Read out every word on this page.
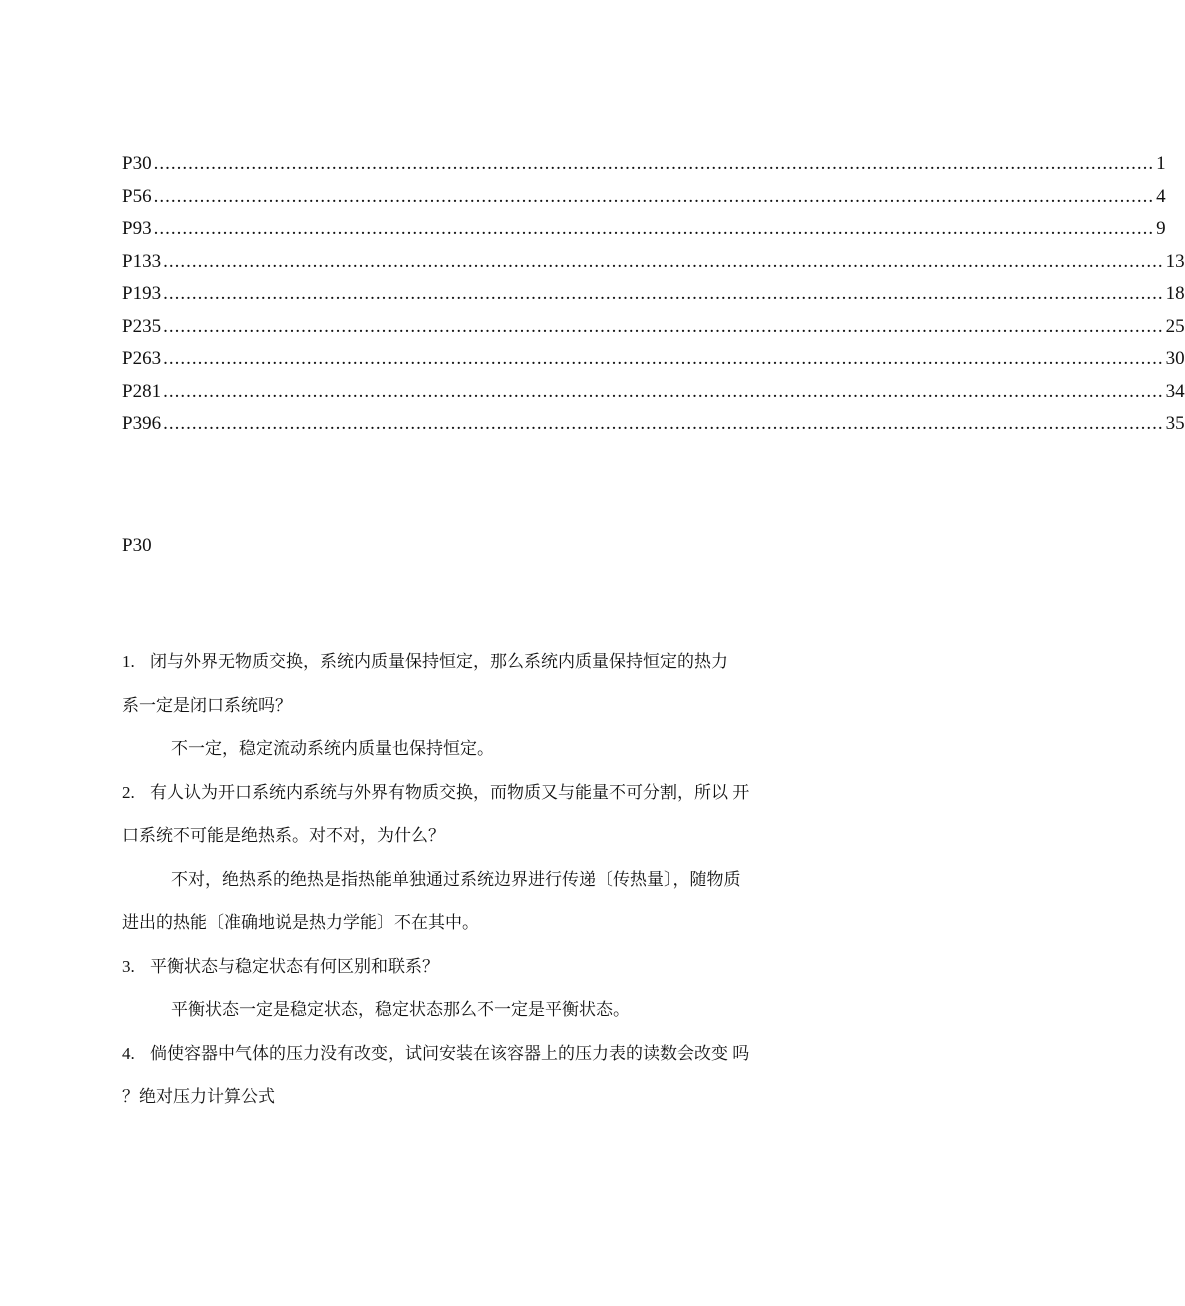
P30 .............................................................................................................................................................................. 1
P56 .............................................................................................................................................................................. 4
P93 .............................................................................................................................................................................. 9
P133 .............................................................................................................................................................................. 13
P193 .............................................................................................................................................................................. 18
P235 .............................................................................................................................................................................. 25
P263 .............................................................................................................................................................................. 30
P281 .............................................................................................................................................................................. 34
P396 .............................................................................................................................................................................. 35
P30
1. 闭与外界无物质交换，系统内质量保持恒定，那么系统内质量保持恒定的热力
系一定是闭口系统吗？
不一定，稳定流动系统内质量也保持恒定。
2. 有人认为开口系统内系统与外界有物质交换，而物质又与能量不可分割，所以 开
口系统不可能是绝热系。对不对，为什么？
不对，绝热系的绝热是指热能单独通过系统边界进行传递〔传热量〕，随物质
进出的热能〔准确地说是热力学能〕不在其中。
3. 平衡状态与稳定状态有何区别和联系？
平衡状态一定是稳定状态，稳定状态那么不一定是平衡状态。
4. 倘使容器中气体的压力没有改变，试问安装在该容器上的压力表的读数会改变 吗
？绝对压力计算公式
